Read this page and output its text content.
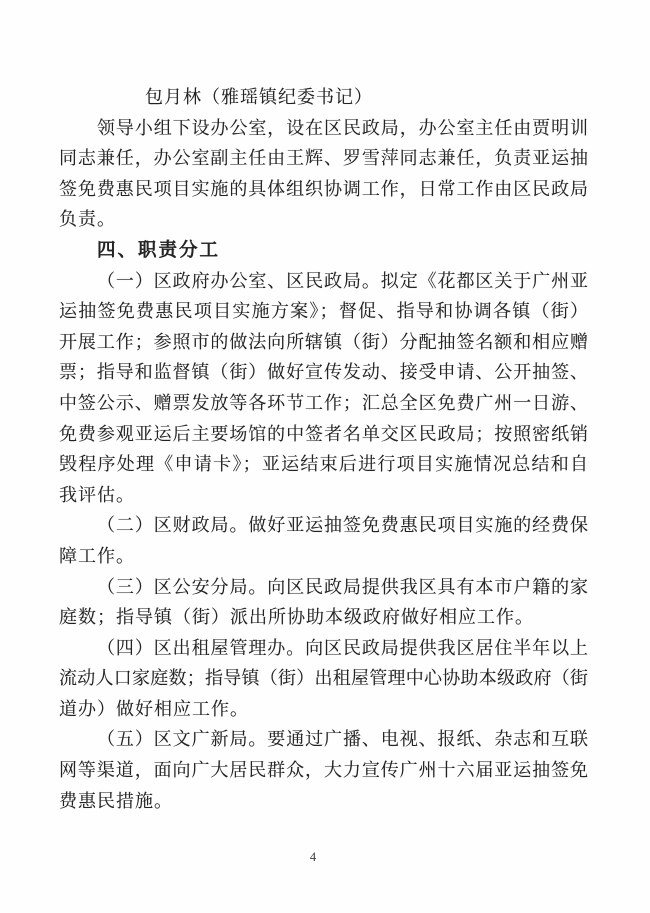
包月林（雅瑶镇纪委书记）
领导小组下设办公室，设在区民政局，办公室主任由贾明训
同志兼任，办公室副主任由王辉、罗雪萍同志兼任，负责亚运抽
签免费惠民项目实施的具体组织协调工作，日常工作由区民政局
负责。
四、职责分工
（一）区政府办公室、区民政局。拟定《花都区关于广州亚
运抽签免费惠民项目实施方案》；督促、指导和协调各镇（街）
开展工作；参照市的做法向所辖镇（街）分配抽签名额和相应赠
票；指导和监督镇（街）做好宣传发动、接受申请、公开抽签、
中签公示、赠票发放等各环节工作；汇总全区免费广州一日游、
免费参观亚运后主要场馆的中签者名单交区民政局；按照密纸销
毁程序处理《申请卡》；亚运结束后进行项目实施情况总结和自
我评估。
（二）区财政局。做好亚运抽签免费惠民项目实施的经费保
障工作。
（三）区公安分局。向区民政局提供我区具有本市户籍的家
庭数；指导镇（街）派出所协助本级政府做好相应工作。
（四）区出租屋管理办。向区民政局提供我区居住半年以上
流动人口家庭数；指导镇（街）出租屋管理中心协助本级政府（街
道办）做好相应工作。
（五）区文广新局。要通过广播、电视、报纸、杂志和互联
网等渠道，面向广大居民群众，大力宣传广州十六届亚运抽签免
费惠民措施。
4
